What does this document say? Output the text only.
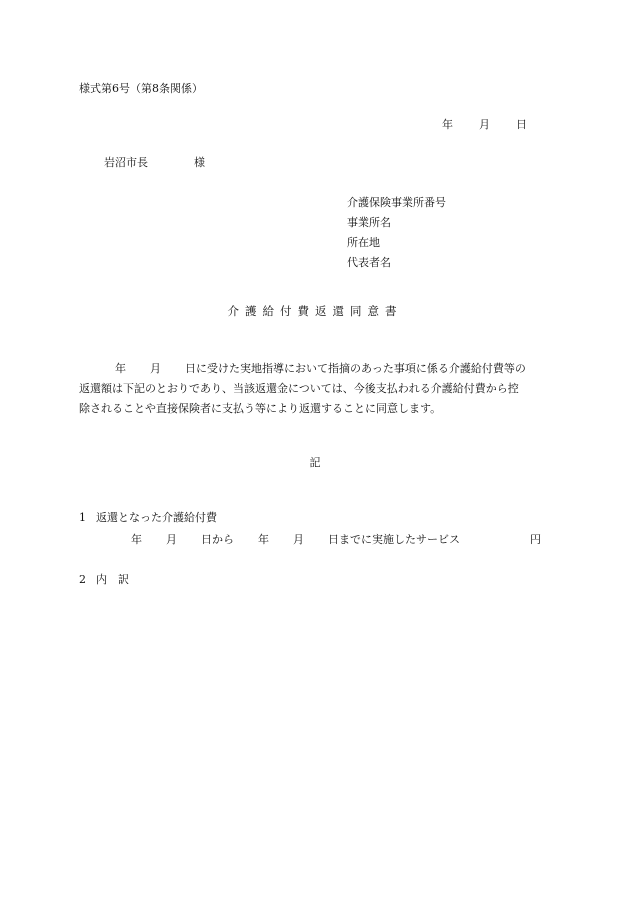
様式第6号（第8条関係）
年 月 日
岩沼市長	様
介護保険事業所番号
事業所名
所在地
代表者名
介護給付費返還同意書
年 月 日に受けた実地指導において指摘のあった事項に係る介護給付費等の
返還額は下記のとおりであり、当該返還金については、今後支払われる介護給付費から控
除されることや直接保険者に支払う等により返還することに同意します。
記
1 返還となった介護給付費
年 月 日から 年 月 日までに実施したサービス	円
2 内　訳
